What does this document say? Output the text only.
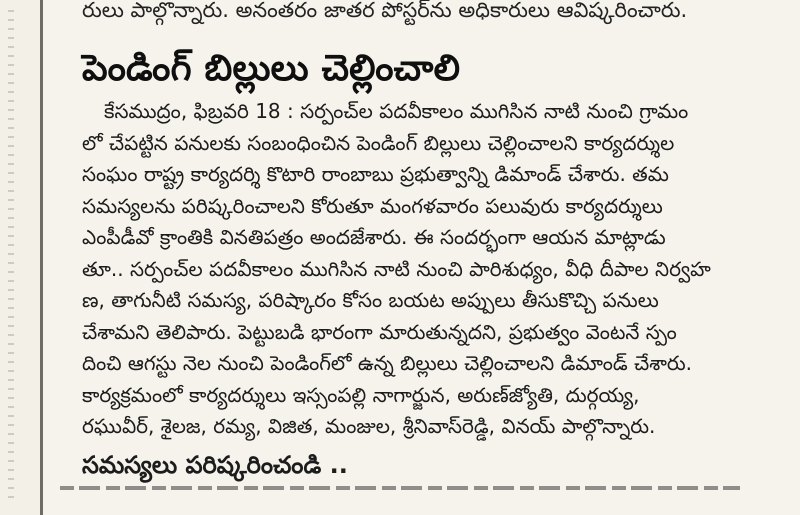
రులు పాల్గొన్నారు. అనంతరం జాతర పోస్టర్‌ను అధికారులు ఆవిష్కరించారు.
పెండింగ్‌ బిల్లులు చెల్లించాలి
కేసముద్రం, ఫిబ్రవరి 18 : సర్పంచ్‌ల పదవీకాలం ముగిసిన నాటి నుంచి గ్రామం
లో చేపట్టిన పనులకు సంబంధించిన పెండింగ్‌ బిల్లులు చెల్లించాలని కార్యదర్శుల
సంఘం రాష్ట్ర కార్యదర్శి కొటారి రాంబాబు ప్రభుత్వాన్ని డిమాండ్‌ చేశారు. తమ
సమస్యలను పరిష్కరించాలని కోరుతూ మంగళవారం పలువురు కార్యదర్శులు
ఎంపీడీవో క్రాంతికి వినతిపత్రం అందజేశారు. ఈ సందర్భంగా ఆయన మాట్లాడు
తూ.. సర్పంచ్‌ల పదవీకాలం ముగిసిన నాటి నుంచి పారిశుధ్యం, వీధి దీపాల నిర్వహ
ణ, తాగునీటి సమస్య, పరిష్కారం కోసం బయట అప్పులు తీసుకొచ్చి పనులు
చేశామని తెలిపారు. పెట్టుబడి భారంగా మారుతున్నదని, ప్రభుత్వం వెంటనే స్పం
దించి ఆగస్టు నెల నుంచి పెండింగ్‌లో ఉన్న బిల్లులు చెల్లించాలని డిమాండ్‌ చేశారు.
కార్యక్రమంలో కార్యదర్శులు ఇస్సంపల్లి నాగార్జున, అరుణ్‌జ్యోతి, దుర్గయ్య,
రఘువీర్‌, శైలజ, రమ్య, విజిత, మంజుల, శ్రీనివాస్‌రెడ్డి, వినయ్‌ పాల్గొన్నారు.
సమస్యలు పరిష్కరించండి ..
